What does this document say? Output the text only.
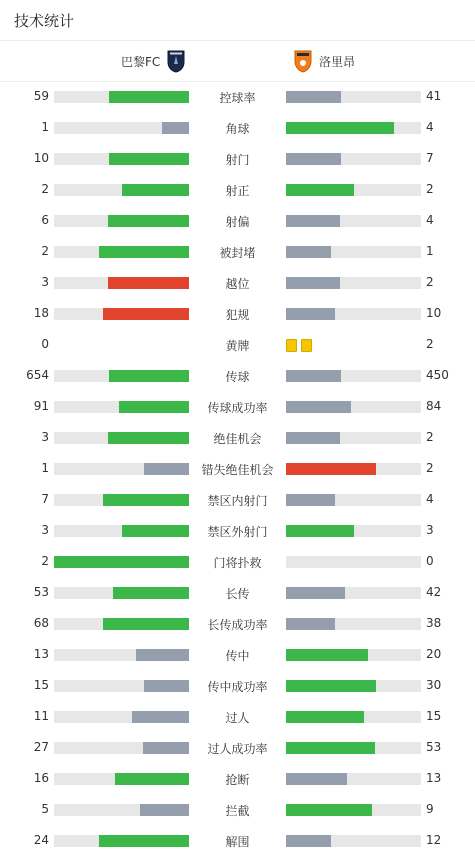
技术统计
巴黎FC	洛里昂
59	控球率	41
1	角球	4
10	射门	7
2	射正	2
6	射偏	4
2	被封堵	1
3	越位	2
18	犯规	10
0	黄牌	2
654	传球	450
91	传球成功率	84
3	绝佳机会	2
1	错失绝佳机会	2
7	禁区内射门	4
3	禁区外射门	3
2	门将扑救	0
53	长传	42
68	长传成功率	38
13	传中	20
15	传中成功率	30
11	过人	15
27	过人成功率	53
16	抢断	13
5	拦截	9
24	解围	12
